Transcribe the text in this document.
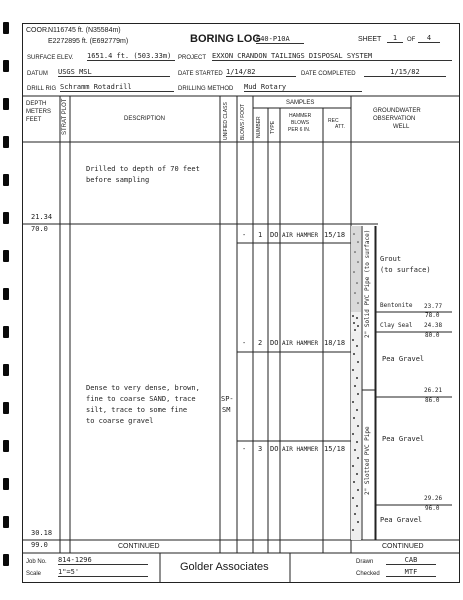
COOR. N116745 ft. (N35584m)
E2272895 ft. (E692779m)	BORING LOG
G40-P10A	SHEET	1	OF	4
SURFACE ELEV. 1651.4 ft. (503.33m)	PROJECT EXXON CRANDON TAILINGS DISPOSAL SYSTEM
DATUM USGS MSL	DATE STARTED 1/14/82	DATE COMPLETED	1/15/82
DRILL RIG Schramm Rotadrill	DRILLING METHOD Mud Rotary
DEPTH
METERS
FEET	STRAT PLOT	DESCRIPTION	UNIFIED CLASS BLOWS / FOOT
SAMPLES
NUMBER TYPE
HAMMER
BLOWS
PER 6 IN.
REC
ATT.
GROUNDWATER
OBSERVATION
WELL
21.34
70.0
30.18
99.0
Drilled to depth of 70 feet
before sampling
Dense to very dense, brown,
fine to coarse SAND, trace
silt, trace to some fine
to coarse gravel
SP-
SM
CONTINUED
- 1 DO AIR HAMMER 15/18
- 2 DO AIR HAMMER 18/18
- 3 DO AIR HAMMER 15/18
2" Solid PVC Pipe (to surface)
2" Slotted PVC Pipe
Grout
(to surface)
23.77
78.0
Bentonite
Clay Seal 24.38
80.0
Pea Gravel
26.21
86.0
Pea Gravel
29.26
96.0
Pea Gravel
CONTINUED
Job No. 814-1296
Scale 1"=5'	Golder Associates	Drawn	CAB
Checked	MTF
